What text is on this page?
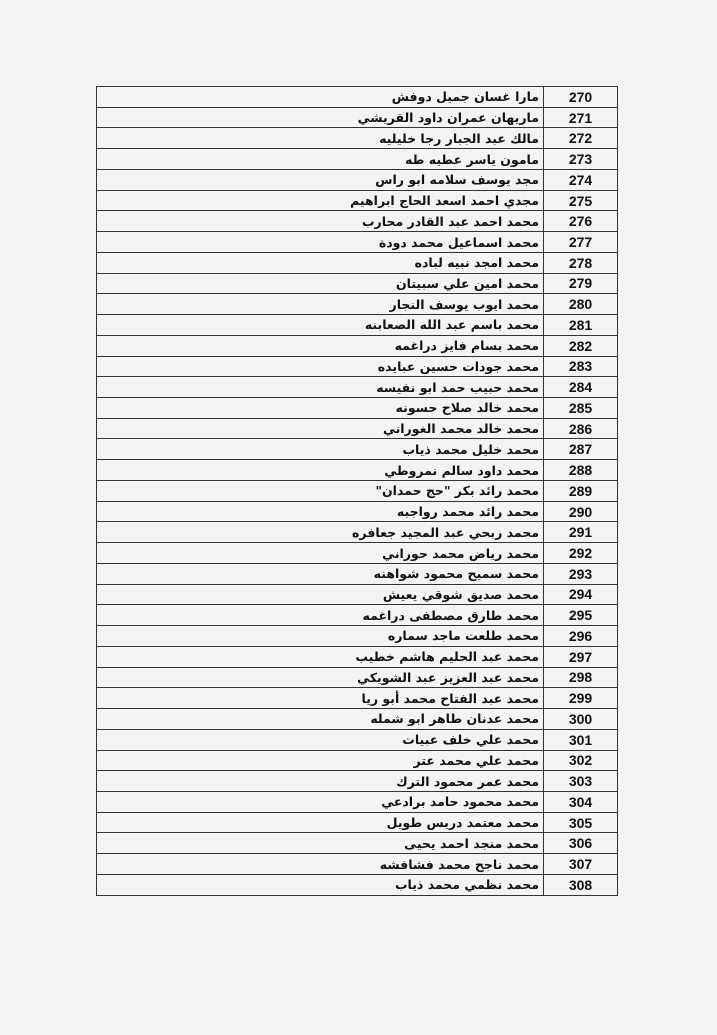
مارا غسان جميل دوفش	270
ماريهان عمران داود القريشي	271
مالك عبد الجبار رجا خليليه	272
مامون ياسر عطيه طه	273
مجد يوسف سلامه ابو راس	274
مجدي احمد اسعد الحاج ابراهيم	275
محمد احمد عبد القادر محارب	276
محمد اسماعيل محمد دودة	277
محمد امجد نبيه لباده	278
محمد امين علي سبيتان	279
محمد ايوب يوسف النجار	280
محمد باسم عبد الله الصعابنه	281
محمد بسام فايز دراغمه	282
محمد جودات حسين عبايده	283
محمد حبيب حمد ابو نفيسه	284
محمد خالد صلاح حسونه	285
محمد خالد محمد الغوراني	286
محمد خليل محمد ذياب	287
محمد داود سالم نمروطي	288
محمد رائد بكر "حج حمدان"	289
محمد رائد محمد رواجبه	290
محمد ربحي عبد المجيد جعافره	291
محمد رياض محمد حوراني	292
محمد سميح محمود شواهنه	293
محمد صديق شوقي يعيش	294
محمد طارق مصطفى دراغمه	295
محمد طلعت ماجد سماره	296
محمد عبد الحليم هاشم خطيب	297
محمد عبد العزيز عبد الشويكي	298
محمد عبد الفتاح محمد أبو ريا	299
محمد عدنان طاهر ابو شمله	300
محمد علي خلف عبيات	301
محمد علي محمد عتر	302
محمد عمر محمود الترك	303
محمد محمود حامد برادعي	304
محمد معتمد دريس طويل	305
محمد منجد احمد يحيى	306
محمد ناجح محمد فشافشه	307
محمد نظمي محمد ذياب	308
